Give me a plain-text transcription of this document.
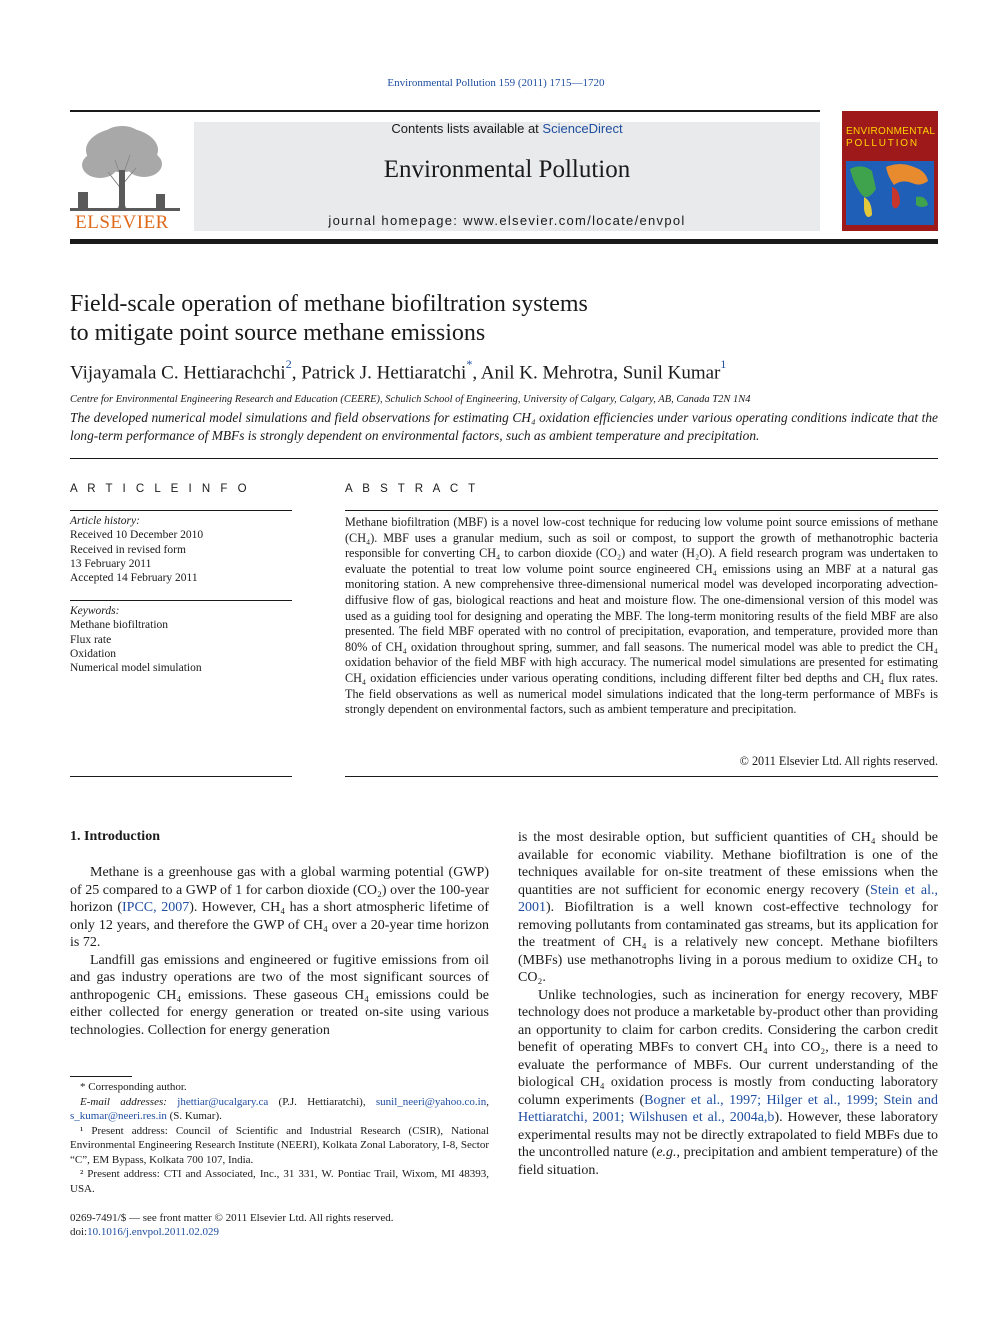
Environmental Pollution 159 (2011) 1715—1720
ELSEVIER
Contents lists available at ScienceDirect
Environmental Pollution
journal homepage: www.elsevier.com/locate/envpol
ENVIRONMENTAL
POLLUTION
Field-scale operation of methane biofiltration systems
to mitigate point source methane emissions
Vijayamala C. Hettiarachchi$^2$, Patrick J. Hettiaratchi*, Anil K. Mehrotra, Sunil Kumar$^1$
Centre for Environmental Engineering Research and Education (CEERE), Schulich School of Engineering, University of Calgary, Calgary, AB, Canada T2N 1N4
The developed numerical model simulations and field observations for estimating CH₄ oxidation efficiencies under various operating conditions indicate that the long-term performance of MBFs is strongly dependent on environmental factors, such as ambient temperature and precipitation.
A R T I C L E I N F O	A B S T R A C T
Article history:
Received 10 December 2010
Received in revised form
13 February 2011
Accepted 14 February 2011
Keywords:
Methane biofiltration
Flux rate
Oxidation
Numerical model simulation
Methane biofiltration (MBF) is a novel low-cost technique for reducing low volume point source emissions of methane (CH₄). MBF uses a granular medium, such as soil or compost, to support the growth of methanotrophic bacteria responsible for converting CH₄ to carbon dioxide (CO₂) and water (H₂O). A field research program was undertaken to evaluate the potential to treat low volume point source engineered CH₄ emissions using an MBF at a natural gas monitoring station. A new comprehensive three-dimensional numerical model was developed incorporating advection-diffusive flow of gas, biological reactions and heat and moisture flow. The one-dimensional version of this model was used as a guiding tool for designing and operating the MBF. The long-term monitoring results of the field MBF are also presented. The field MBF operated with no control of precipitation, evaporation, and temperature, provided more than 80% of CH₄ oxidation throughout spring, summer, and fall seasons. The numerical model was able to predict the CH₄ oxidation behavior of the field MBF with high accuracy. The numerical model simulations are presented for estimating CH₄ oxidation efficiencies under various operating conditions, including different filter bed depths and CH₄ flux rates. The field observations as well as numerical model simulations indicated that the long-term performance of MBFs is strongly dependent on environmental factors, such as ambient temperature and precipitation.
© 2011 Elsevier Ltd. All rights reserved.
1. Introduction

Methane is a greenhouse gas with a global warming potential (GWP) of 25 compared to a GWP of 1 for carbon dioxide (CO₂) over the 100-year horizon (IPCC, 2007). However, CH₄ has a short atmospheric lifetime of only 12 years, and therefore the GWP of CH₄ over a 20-year time horizon is 72.

Landfill gas emissions and engineered or fugitive emissions from oil and gas industry operations are two of the most significant sources of anthropogenic CH₄ emissions. These gaseous CH₄ emissions could be either collected for energy generation or treated on-site using various technologies. Collection for energy generation

is the most desirable option, but sufficient quantities of CH₄ should be available for economic viability. Methane biofiltration is one of the techniques available for on-site treatment of these emissions when the quantities are not sufficient for economic energy recovery (Stein et al., 2001). Biofiltration is a well known cost-effective technology for removing pollutants from contaminated gas streams, but its application for the treatment of CH₄ is a relatively new concept. Methane biofilters (MBFs) use methanotrophs living in a porous medium to oxidize CH₄ to CO₂.

Unlike technologies, such as incineration for energy recovery, MBF technology does not produce a marketable by-product other than providing an opportunity to claim for carbon credits. Considering the carbon credit benefit of operating MBFs to convert CH₄ into CO₂, there is a need to evaluate the performance of MBFs. Our current understanding of the biological CH₄ oxidation process is mostly from conducting laboratory column experiments (Bogner et al., 1997; Hilger et al., 1999; Stein and Hettiaratchi, 2001; Wilshusen et al., 2004a,b). However, these laboratory experimental results may not be directly extrapolated to field MBFs due to the uncontrolled nature (e.g., precipitation and ambient temperature) of the field situation.

* Corresponding author.
E-mail addresses: jhettiar@ucalgary.ca (P.J. Hettiaratchi), sunil_neeri@yahoo.co.in, s_kumar@neeri.res.in (S. Kumar).
¹ Present address: Council of Scientific and Industrial Research (CSIR), National Environmental Engineering Research Institute (NEERI), Kolkata Zonal Laboratory, I-8, Sector “C”, EM Bypass, Kolkata 700 107, India.
² Present address: CTI and Associated, Inc., 31 331, W. Pontiac Trail, Wixom, MI 48393, USA.
0269-7491/$ — see front matter © 2011 Elsevier Ltd. All rights reserved.
doi:10.1016/j.envpol.2011.02.029
